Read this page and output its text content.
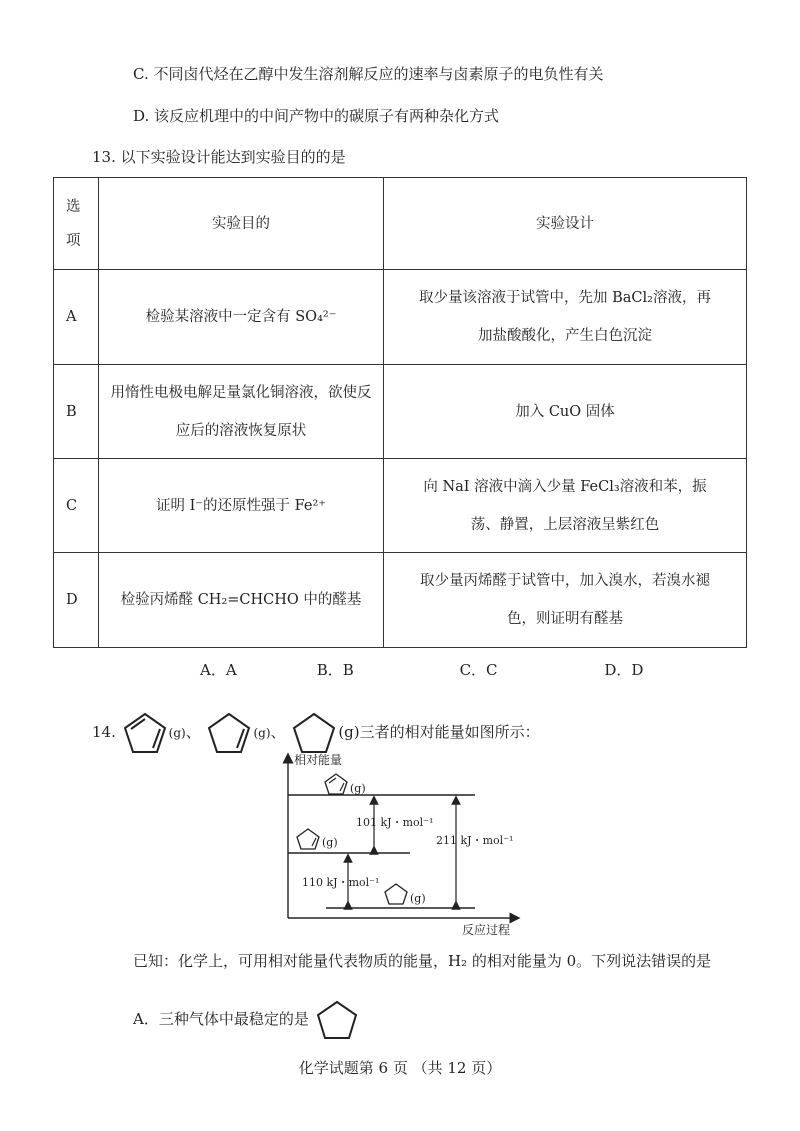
C. 不同卤代烃在乙醇中发生溶剂解反应的速率与卤素原子的电负性有关
D. 该反应机理中的中间产物中的碳原子有两种杂化方式
13. 以下实验设计能达到实验目的的是
选项	实验目的	实验设计
A	检验某溶液中一定含有 SO₄²⁻	取少量该溶液于试管中，先加 BaCl₂溶液，再
加盐酸酸化，产生白色沉淀

B	用惰性电极电解足量氯化铜溶液，欲使反
应后的溶液恢复原状	加入 CuO 固体
C	证明 I⁻的还原性强于 Fe²⁺	向 NaI 溶液中滴入少量 FeCl₃溶液和苯，振
荡、静置，上层溶液呈紫红色

D	检验丙烯醛 CH₂=CHCHO 中的醛基	取少量丙烯醛于试管中，加入溴水，若溴水褪
色，则证明有醛基
A．A	B．B	C．C	D．D
14.	(g)、	(g)、	(g)三者的相对能量如图所示：
相对能量
反应过程
(g)
(g)
(g)
101 kJ・mol⁻¹
110 kJ・mol⁻¹
211 kJ・mol⁻¹
已知：化学上，可用相对能量代表物质的能量，H₂ 的相对能量为 0。下列说法错误的是
A．三种气体中最稳定的是
化学试题第 6 页 （共 12 页）
